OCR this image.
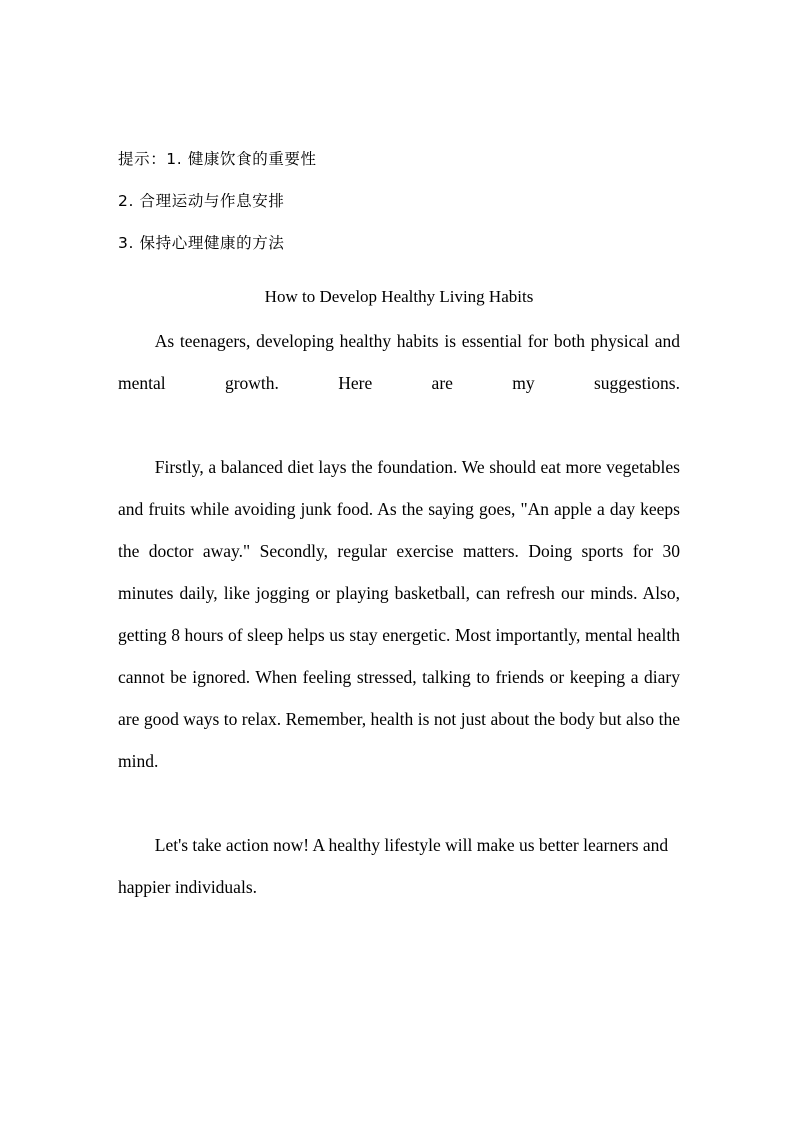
提示：1. 健康饮食的重要性
2. 合理运动与作息安排
3. 保持心理健康的方法
How to Develop Healthy Living Habits

As teenagers, developing healthy habits is essential for both physical and mental growth. Here are my suggestions.

Firstly, a balanced diet lays the foundation. We should eat more vegetables and fruits while avoiding junk food. As the saying goes, "An apple a day keeps the doctor away." Secondly, regular exercise matters. Doing sports for 30 minutes daily, like jogging or playing basketball, can refresh our minds. Also, getting 8 hours of sleep helps us stay energetic. Most importantly, mental health cannot be ignored. When feeling stressed, talking to friends or keeping a diary are good ways to relax. Remember, health is not just about the body but also the mind.

Let's take action now! A healthy lifestyle will make us better learners and happier individuals.
